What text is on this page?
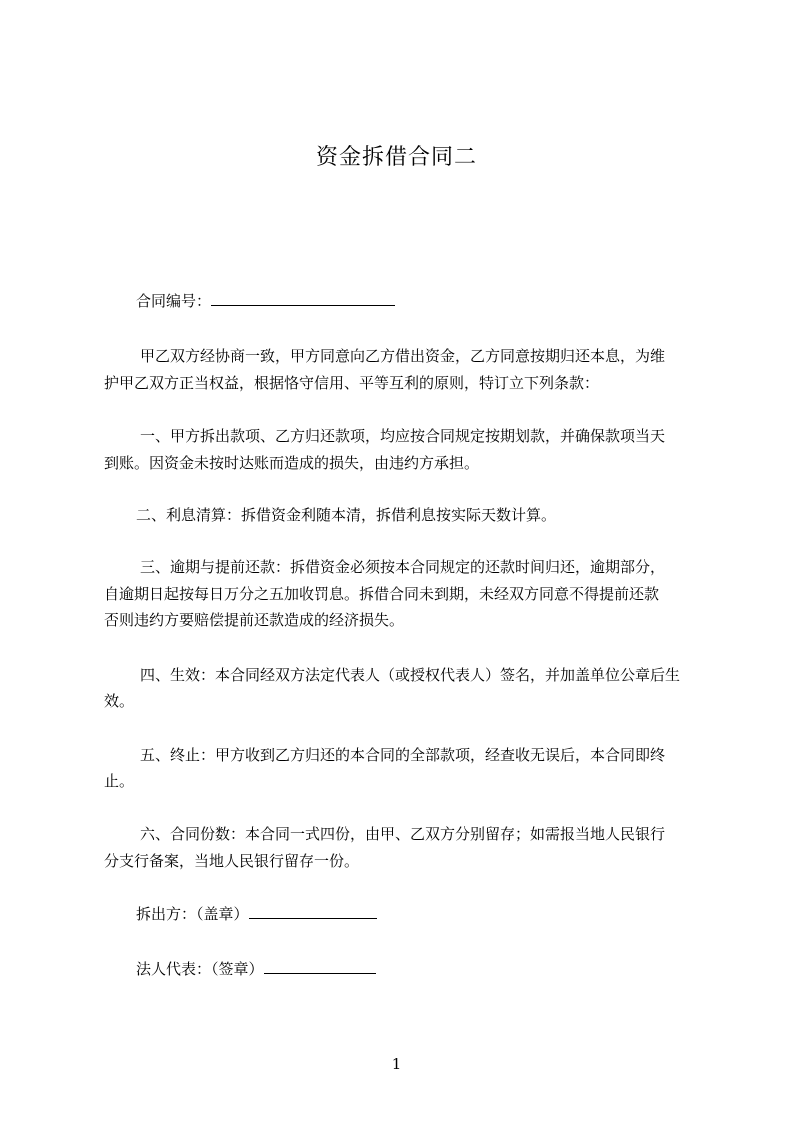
资金拆借合同二
合同编号：
甲乙双方经协商一致，甲方同意向乙方借出资金，乙方同意按期归还本息，为维
护甲乙双方正当权益，根据恪守信用、平等互利的原则，特订立下列条款：
一、甲方拆出款项、乙方归还款项，均应按合同规定按期划款，并确保款项当天
到账。因资金未按时达账而造成的损失，由违约方承担。
二、利息清算：拆借资金利随本清，拆借利息按实际天数计算。
三、逾期与提前还款：拆借资金必须按本合同规定的还款时间归还，逾期部分，
自逾期日起按每日万分之五加收罚息。拆借合同未到期，未经双方同意不得提前还款
否则违约方要赔偿提前还款造成的经济损失。
四、生效：本合同经双方法定代表人（或授权代表人）签名，并加盖单位公章后生
效。
五、终止：甲方收到乙方归还的本合同的全部款项，经查收无误后，本合同即终
止。
六、合同份数：本合同一式四份，由甲、乙双方分别留存；如需报当地人民银行
分支行备案，当地人民银行留存一份。
拆出方：（盖章）
法人代表：（签章）
1
